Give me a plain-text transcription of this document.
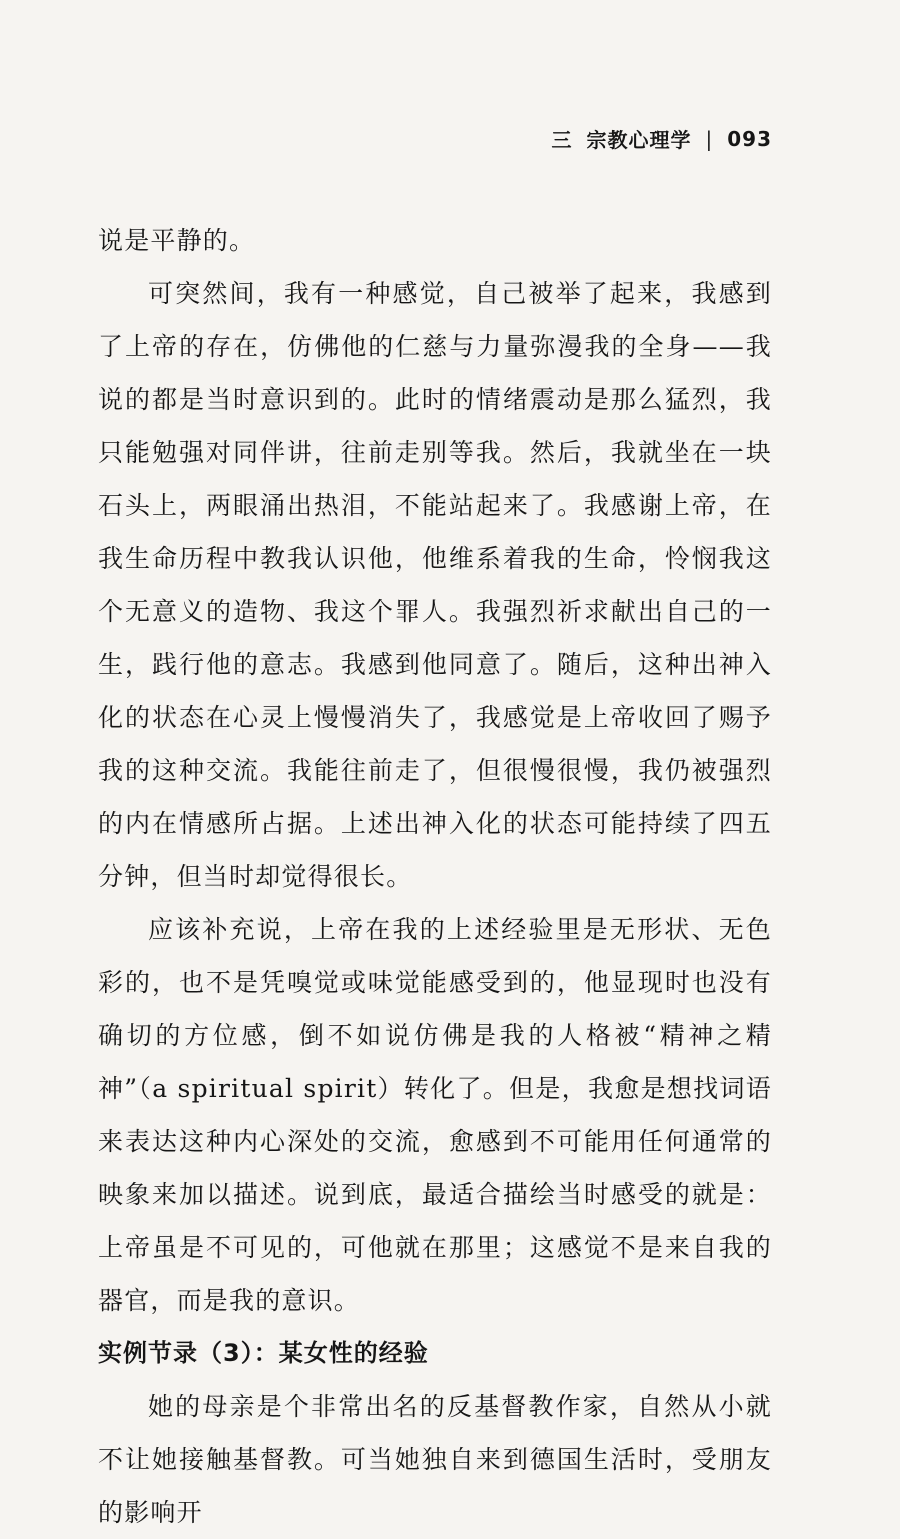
三 宗教心理学 | 093

说是平静的。

可突然间，我有一种感觉，自己被举了起来，我感到了上帝的存在，仿佛他的仁慈与力量弥漫我的全身——我说的都是当时意识到的。此时的情绪震动是那么猛烈，我只能勉强对同伴讲，往前走别等我。然后，我就坐在一块石头上，两眼涌出热泪，不能站起来了。我感谢上帝，在我生命历程中教我认识他，他维系着我的生命，怜悯我这个无意义的造物、我这个罪人。我强烈祈求献出自己的一生，践行他的意志。我感到他同意了。随后，这种出神入化的状态在心灵上慢慢消失了，我感觉是上帝收回了赐予我的这种交流。我能往前走了，但很慢很慢，我仍被强烈的内在情感所占据。上述出神入化的状态可能持续了四五分钟，但当时却觉得很长。

应该补充说，上帝在我的上述经验里是无形状、无色彩的，也不是凭嗅觉或味觉能感受到的，他显现时也没有确切的方位感，倒不如说仿佛是我的人格被“精神之精神”（a spiritual spirit）转化了。但是，我愈是想找词语来表达这种内心深处的交流，愈感到不可能用任何通常的映象来加以描述。说到底，最适合描绘当时感受的就是：上帝虽是不可见的，可他就在那里；这感觉不是来自我的器官，而是我的意识。

实例节录（3）：某女性的经验

她的母亲是个非常出名的反基督教作家，自然从小就不让她接触基督教。可当她独自来到德国生活时，受朋友的影响开
